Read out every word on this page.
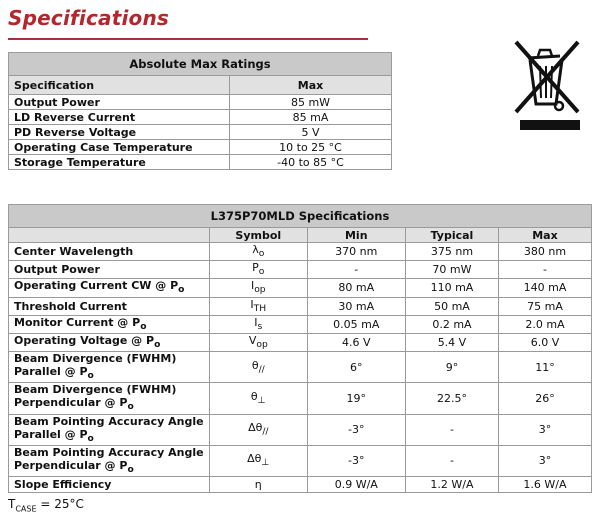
Specifications
Absolute Max Ratings	
Specification	Max
Output Power	85 mW
LD Reverse Current	85 mA
PD Reverse Voltage	5 V
Operating Case Temperature	10 to 25 °C
Storage Temperature	-40 to 85 °C
L375P70MLD Specifications				
	Symbol	Min	Typical	Max
Center Wavelength	$\lambda_o$	370 nm	375 nm	380 nm
Output Power	$P_o$	-	70 mW	-
Operating Current CW @ $P_o$	$I_{op}$	80 mA	110 mA	140 mA
Threshold Current	$I_{TH}$	30 mA	50 mA	75 mA
Monitor Current @ $P_o$	$I_s$	0.05 mA	0.2 mA	2.0 mA
Operating Voltage @ $P_o$	$V_{op}$	4.6 V	5.4 V	6.0 V
Beam Divergence (FWHM)
Parallel @ $P_o$	$\theta_{//}$	6°	9°	11°
Beam Divergence (FWHM)
Perpendicular @ $P_o$	$\theta_\perp$	19°	22.5°	26°
Beam Pointing Accuracy Angle
Parallel @ $P_o$	$\Delta\theta_{//}$	-3°	-	3°
Beam Pointing Accuracy Angle
Perpendicular @ $P_o$	$\Delta\theta_\perp$	-3°	-	3°
Slope Efficiency	η	0.9 W/A	1.2 W/A	1.6 W/A
$T_{CASE} = 25^\circ C$
